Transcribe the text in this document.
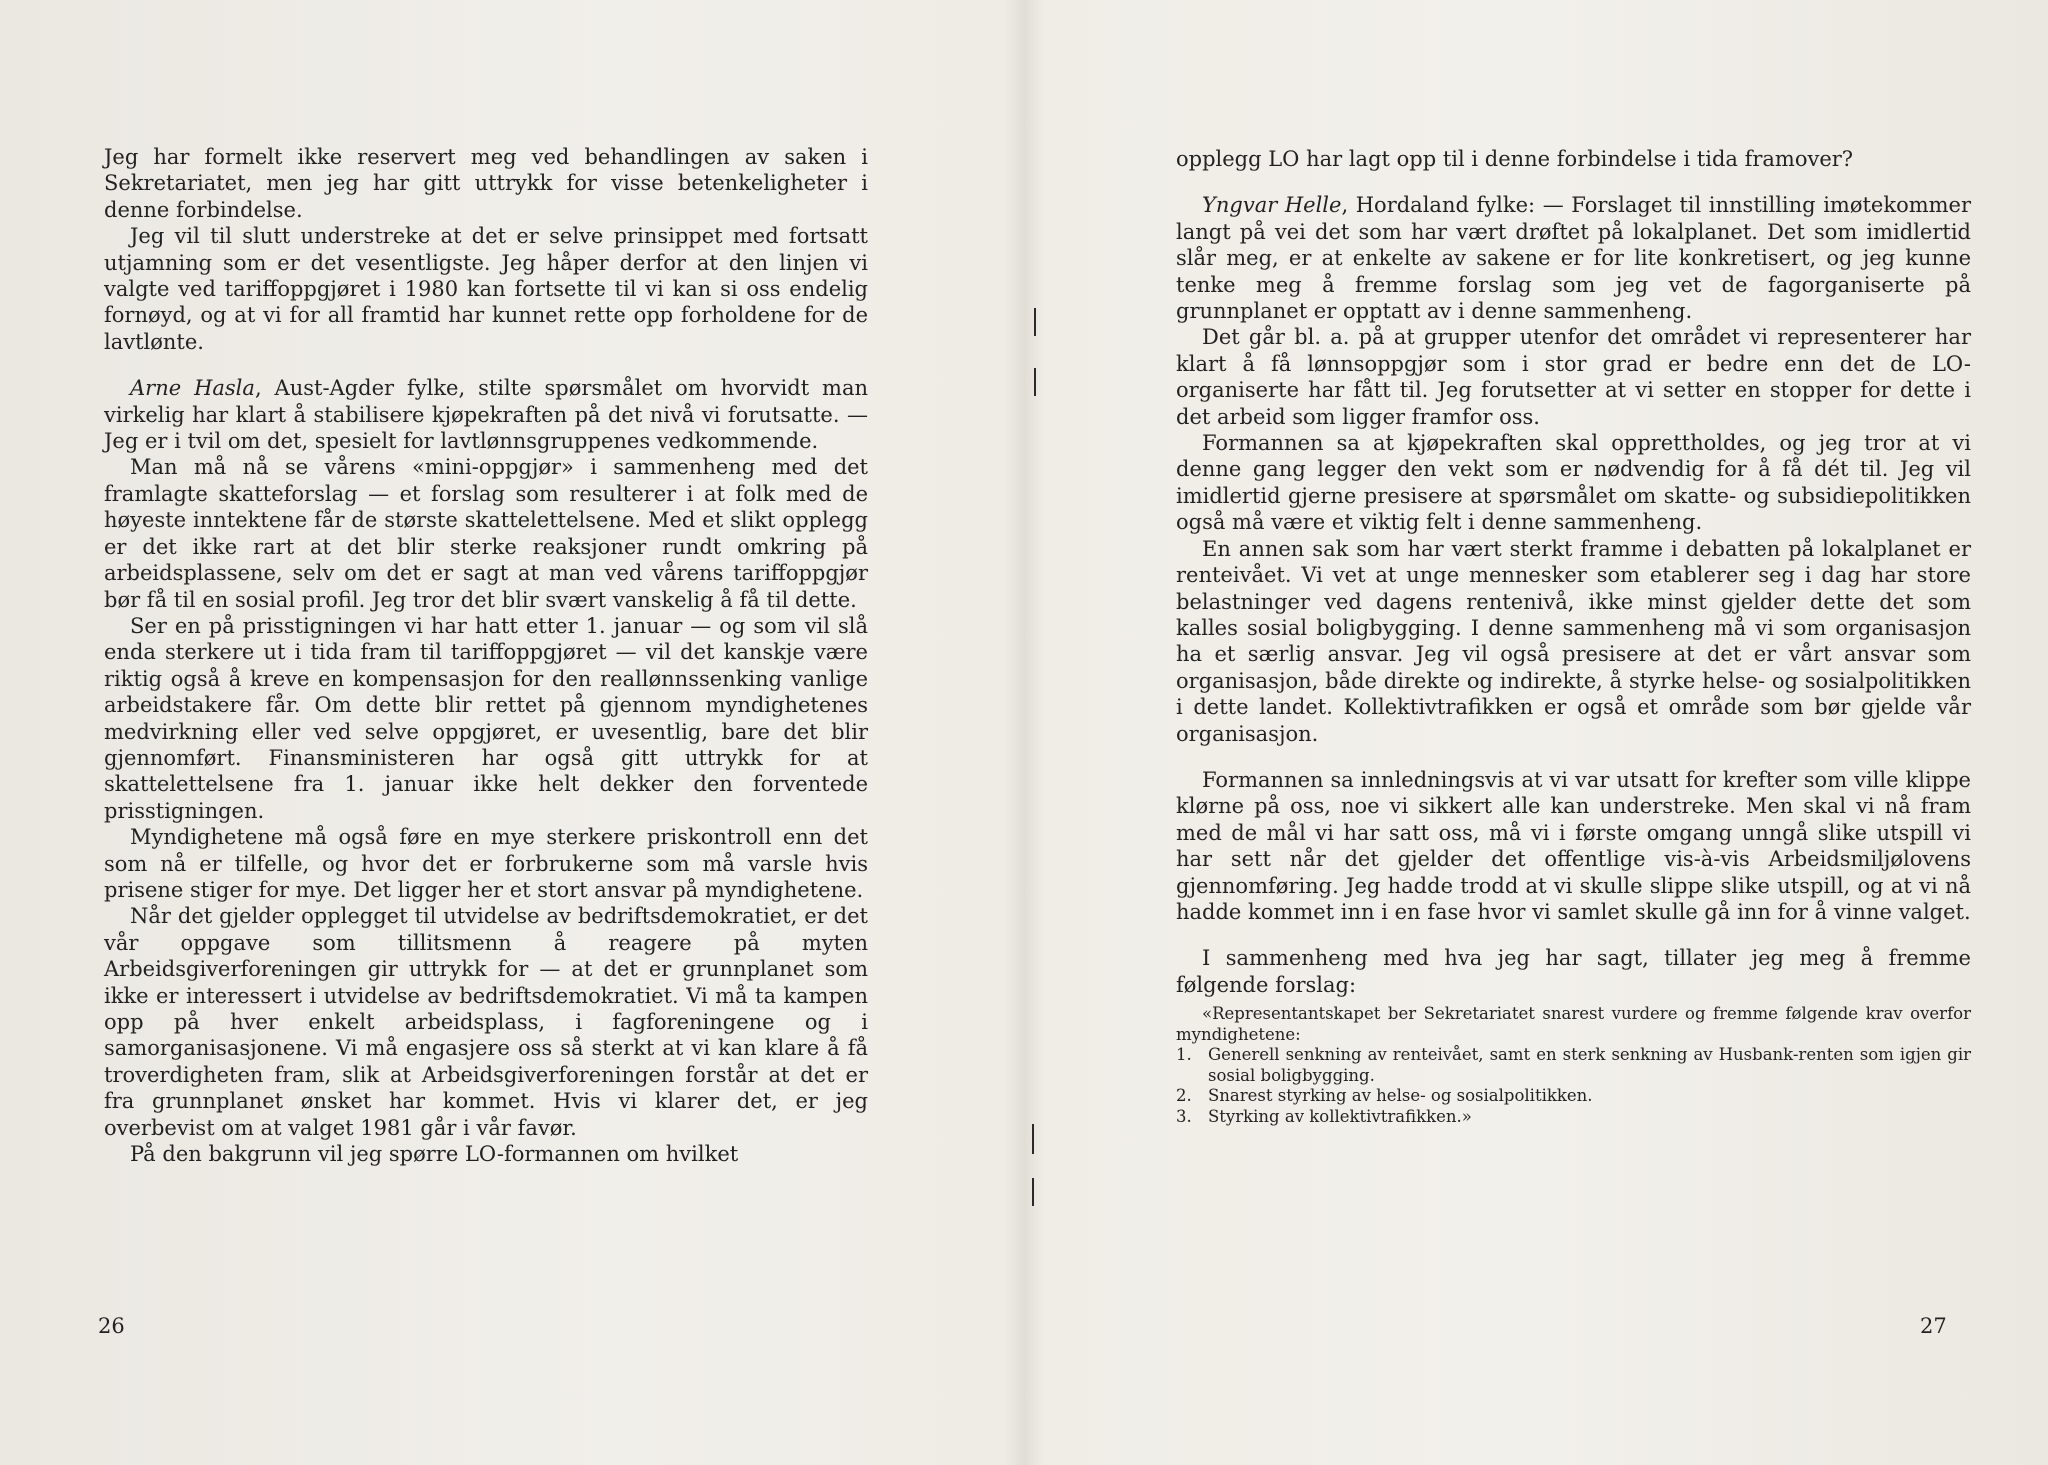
Jeg har formelt ikke reservert meg ved behandlingen av saken i Sekretariatet, men jeg har gitt uttrykk for visse betenkeligheter i denne forbindelse.

Jeg vil til slutt understreke at det er selve prinsippet med fortsatt utjamning som er det vesentligste. Jeg håper derfor at den linjen vi valgte ved tariffoppgjøret i 1980 kan fortsette til vi kan si oss endelig fornøyd, og at vi for all framtid har kunnet rette opp forholdene for de lavtlønte.

Arne Hasla, Aust-Agder fylke, stilte spørsmålet om hvorvidt man virkelig har klart å stabilisere kjøpekraften på det nivå vi forutsatte. — Jeg er i tvil om det, spesielt for lavtlønnsgruppenes vedkommende.

Man må nå se vårens «mini-oppgjør» i sammenheng med det framlagte skatteforslag — et forslag som resulterer i at folk med de høyeste inntektene får de største skattelettelsene. Med et slikt opplegg er det ikke rart at det blir sterke reaksjoner rundt omkring på arbeidsplassene, selv om det er sagt at man ved vårens tariffoppgjør bør få til en sosial profil. Jeg tror det blir svært vanskelig å få til dette.

Ser en på prisstigningen vi har hatt etter 1. januar — og som vil slå enda sterkere ut i tida fram til tariffoppgjøret — vil det kanskje være riktig også å kreve en kompensasjon for den reallønnssenking vanlige arbeidstakere får. Om dette blir rettet på gjennom myndighetenes medvirkning eller ved selve oppgjøret, er uvesentlig, bare det blir gjennomført. Finansministeren har også gitt uttrykk for at skattelettelsene fra 1. januar ikke helt dekker den forventede prisstigningen.

Myndighetene må også føre en mye sterkere priskontroll enn det som nå er tilfelle, og hvor det er forbrukerne som må varsle hvis prisene stiger for mye. Det ligger her et stort ansvar på myndighetene.

Når det gjelder opplegget til utvidelse av bedriftsdemokratiet, er det vår oppgave som tillitsmenn å reagere på myten Arbeidsgiverforeningen gir uttrykk for — at det er grunnplanet som ikke er interessert i utvidelse av bedriftsdemokratiet. Vi må ta kampen opp på hver enkelt arbeidsplass, i fagforeningene og i samorganisasjonene. Vi må engasjere oss så sterkt at vi kan klare å få troverdigheten fram, slik at Arbeidsgiverforeningen forstår at det er fra grunnplanet ønsket har kommet. Hvis vi klarer det, er jeg overbevist om at valget 1981 går i vår favør.

På den bakgrunn vil jeg spørre LO-formannen om hvilket

26

opplegg LO har lagt opp til i denne forbindelse i tida framover?

Yngvar Helle, Hordaland fylke: — Forslaget til innstilling imøtekommer langt på vei det som har vært drøftet på lokalplanet. Det som imidlertid slår meg, er at enkelte av sakene er for lite konkretisert, og jeg kunne tenke meg å fremme forslag som jeg vet de fagorganiserte på grunnplanet er opptatt av i denne sammenheng.

Det går bl. a. på at grupper utenfor det området vi representerer har klart å få lønnsoppgjør som i stor grad er bedre enn det de LO-organiserte har fått til. Jeg forutsetter at vi setter en stopper for dette i det arbeid som ligger framfor oss.

Formannen sa at kjøpekraften skal opprettholdes, og jeg tror at vi denne gang legger den vekt som er nødvendig for å få dét til. Jeg vil imidlertid gjerne presisere at spørsmålet om skatte- og subsidiepolitikken også må være et viktig felt i denne sammenheng.

En annen sak som har vært sterkt framme i debatten på lokalplanet er renteivået. Vi vet at unge mennesker som etablerer seg i dag har store belastninger ved dagens rentenivå, ikke minst gjelder dette det som kalles sosial boligbygging. I denne sammenheng må vi som organisasjon ha et særlig ansvar. Jeg vil også presisere at det er vårt ansvar som organisasjon, både direkte og indirekte, å styrke helse- og sosialpolitikken i dette landet. Kollektivtrafikken er også et område som bør gjelde vår organisasjon.

Formannen sa innledningsvis at vi var utsatt for krefter som ville klippe klørne på oss, noe vi sikkert alle kan understreke. Men skal vi nå fram med de mål vi har satt oss, må vi i første omgang unngå slike utspill vi har sett når det gjelder det offentlige vis-à-vis Arbeidsmiljølovens gjennomføring. Jeg hadde trodd at vi skulle slippe slike utspill, og at vi nå hadde kommet inn i en fase hvor vi samlet skulle gå inn for å vinne valget.

I sammenheng med hva jeg har sagt, tillater jeg meg å fremme følgende forslag:

«Representantskapet ber Sekretariatet snarest vurdere og fremme følgende krav overfor myndighetene:
1. Generell senkning av renteivået, samt en sterk senkning av Husbank-renten som igjen gir sosial boligbygging.
2. Snarest styrking av helse- og sosialpolitikken.
3. Styrking av kollektivtrafikken.»
27
